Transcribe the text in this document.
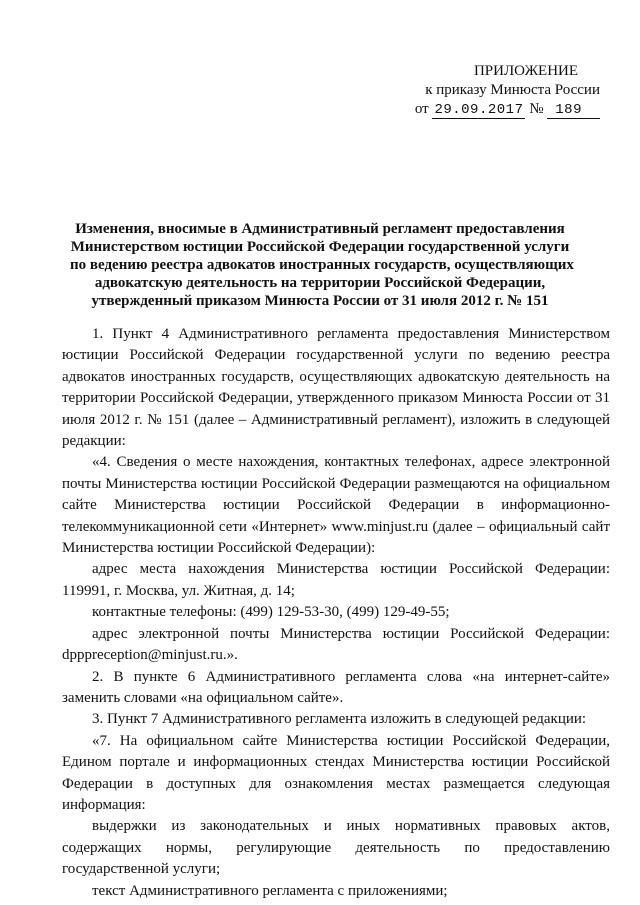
ПРИЛОЖЕНИЕ
к приказу Минюста России
от 29.09.2017 № 189
Изменения, вносимые в Административный регламент предоставления
Министерством юстиции Российской Федерации государственной услуги
по ведению реестра адвокатов иностранных государств, осуществляющих
адвокатскую деятельность на территории Российской Федерации,
утвержденный приказом Минюста России от 31 июля 2012 г. № 151

1. Пункт 4 Административного регламента предоставления Министерством юстиции Российской Федерации государственной услуги по ведению реестра адвокатов иностранных государств, осуществляющих адвокатскую деятельность на территории Российской Федерации, утвержденного приказом Минюста России от 31 июля 2012 г. № 151 (далее – Административный регламент), изложить в следующей редакции:

«4. Сведения о месте нахождения, контактных телефонах, адресе электронной почты Министерства юстиции Российской Федерации размещаются на официальном сайте Министерства юстиции Российской Федерации в информационно-телекоммуникационной сети «Интернет» www.minjust.ru (далее – официальный сайт Министерства юстиции Российской Федерации):

адрес места нахождения Министерства юстиции Российской Федерации: 119991, г. Москва, ул. Житная, д. 14;

контактные телефоны: (499) 129-53-30, (499) 129-49-55;

адрес электронной почты Министерства юстиции Российской Федерации: dpppreception@minjust.ru.».

2. В пункте 6 Административного регламента слова «на интернет-сайте» заменить словами «на официальном сайте».

3. Пункт 7 Административного регламента изложить в следующей редакции:

«7. На официальном сайте Министерства юстиции Российской Федерации, Едином портале и информационных стендах Министерства юстиции Российской Федерации в доступных для ознакомления местах размещается следующая информация:

выдержки из законодательных и иных нормативных правовых актов, содержащих нормы, регулирующие деятельность по предоставлению государственной услуги;

текст Административного регламента с приложениями;
